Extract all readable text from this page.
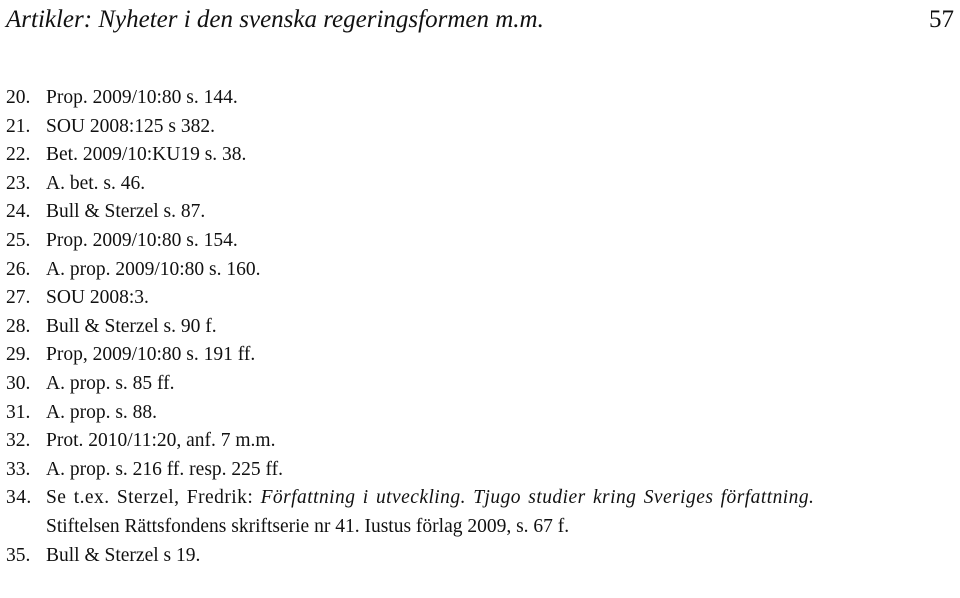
Artikler: Nyheter i den svenska regeringsformen m.m.	57
20. Prop. 2009/10:80 s. 144.
21. SOU 2008:125 s 382.
22. Bet. 2009/10:KU19 s. 38.
23. A. bet. s. 46.
24. Bull & Sterzel s. 87.
25. Prop. 2009/10:80 s. 154.
26. A. prop. 2009/10:80 s. 160.
27. SOU 2008:3.
28. Bull & Sterzel s. 90 f.
29. Prop, 2009/10:80 s. 191 ff.
30. A. prop. s. 85 ff.
31. A. prop. s. 88.
32. Prot. 2010/11:20, anf. 7 m.m.
33. A. prop. s. 216 ff. resp. 225 ff.
34. Se t.ex. Sterzel, Fredrik: Författning i utveckling. Tjugo studier kring Sveriges författning.
Stiftelsen Rättsfondens skriftserie nr 41. Iustus förlag 2009, s. 67 f.
35. Bull & Sterzel s 19.
